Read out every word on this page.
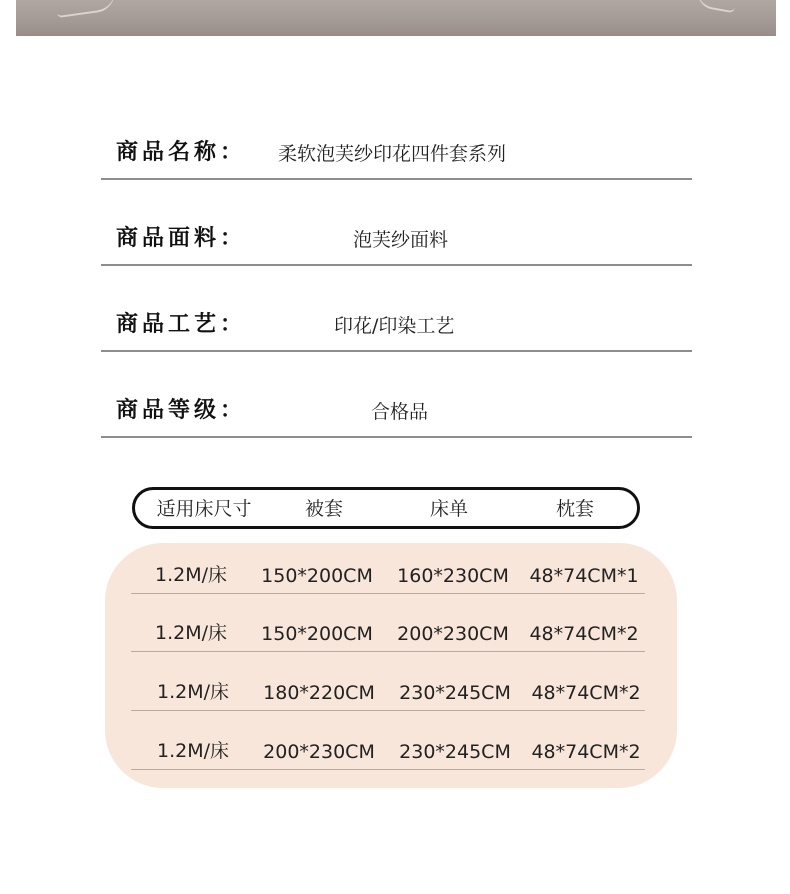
商品名称： 柔软泡芙纱印花四件套系列
商品面料：	泡芙纱面料
商品工艺：	印花/印染工艺
商品等级：	合格品
适用床尺寸	被套	床单	枕套
1.2M/床 150*200CM 160*230CM 48*74CM*1
1.2M/床 150*200CM 200*230CM 48*74CM*2
1.2M/床 180*220CM 230*245CM 48*74CM*2
1.2M/床 200*230CM 230*245CM 48*74CM*2
